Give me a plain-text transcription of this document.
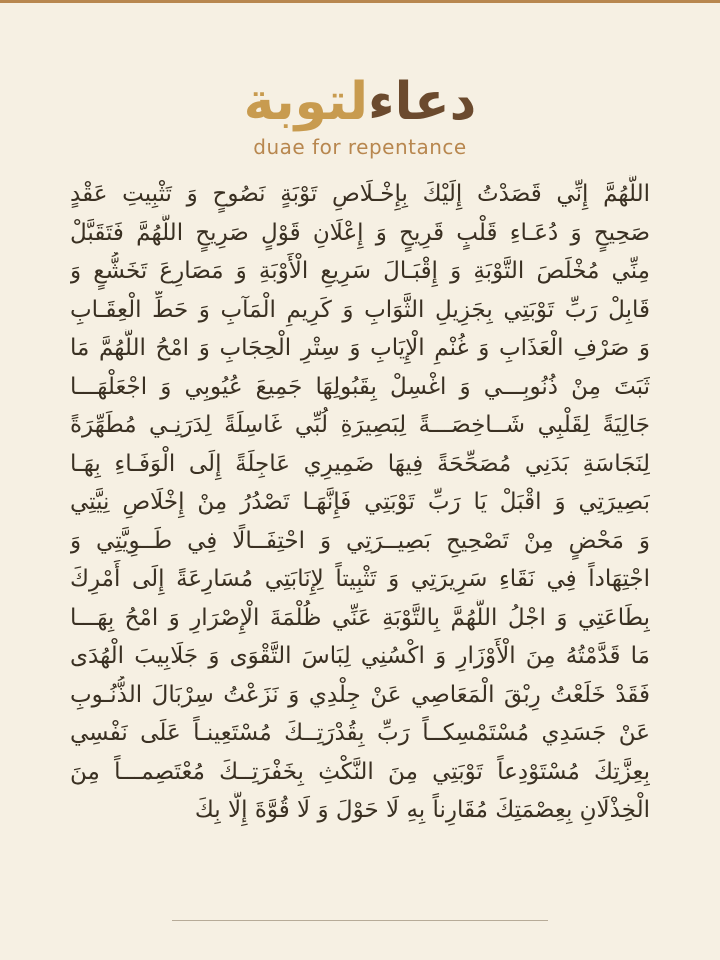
دعاءلتوبة
duae for repentance
اللَّهُمَّ إِنِّي قَصَدْتُ إِلَيْكَ بِإِخْـلَاصِ تَوْبَةٍ نَصُوحٍ وَ تَثْبِيتِ عَقْدٍ
صَحِيحٍ وَ دُعَـاءِ قَلْبٍ قَرِيحٍ وَ إِعْلَانِ قَوْلٍ صَرِيحٍ اللَّهُمَّ فَتَقَبَّلْ
مِنِّي مُخْلَصَ التَّوْبَةِ وَ إِقْبَـالَ سَرِيعِ الْأَوْبَةِ وَ مَصَارِعَ تَخَشُّعٍ وَ
قَابِلْ رَبِّ تَوْبَتِي بِجَزِيلِ الثَّوَابِ وَ كَرِيمِ الْمَآبِ وَ حَطِّ الْعِقَـابِ
وَ صَرْفِ الْعَذَابِ وَ غُنْمِ الْإِيَابِ وَ سِتْرِ الْحِجَابِ وَ امْحُ اللَّهُمَّ مَا
ثَبَتَ مِنْ ذُنُوبِـــي وَ اغْسِلْ بِقَبُولِهَا جَمِيعَ عُيُوبِي وَ اجْعَلْهَـــا
جَالِيَةً لِقَلْبِي شَــاخِصَـــةً لِبَصِيرَةِ لُبِّي غَاسِلَةً لِدَرَنِـي مُطَهِّرَةً
لِنَجَاسَةِ بَدَنِي مُصَحِّحَةً فِيهَا ضَمِيرِي عَاجِلَةً إِلَى الْوَفَـاءِ بِهَـا
بَصِيرَتِي وَ اقْبَلْ يَا رَبِّ تَوْبَتِي فَإِنَّهَـا تَصْدُرُ مِنْ إِخْلَاصِ نِيَّتِي
وَ مَحْضٍ مِنْ تَصْحِيحِ بَصِيــرَتِي وَ احْتِفَــالًا فِي طَــوِيَّتِي وَ
اجْتِهَاداً فِي نَقَاءِ سَرِيرَتِي وَ تَثْبِيتاً لِإِنَابَتِي مُسَارِعَةً إِلَى أَمْرِكَ
بِطَاعَتِي وَ اجْلُ اللَّهُمَّ بِالتَّوْبَةِ عَنِّي ظُلْمَةَ الْإِصْرَارِ وَ امْحُ بِهَـــا
مَا قَدَّمْتُهُ مِنَ الْأَوْزَارِ وَ اكْسُنِي لِبَاسَ التَّقْوَى وَ جَلَابِيبَ الْهُدَى
فَقَدْ خَلَعْتُ رِبْقَ الْمَعَاصِي عَنْ جِلْدِي وَ نَزَعْتُ سِرْبَالَ الذُّنُـوبِ
عَنْ جَسَدِي مُسْتَمْسِكــاً رَبِّ بِقُدْرَتِــكَ مُسْتَعِينـاً عَلَى نَفْسِي
بِعِزَّتِكَ مُسْتَوْدِعاً تَوْبَتِي مِنَ النَّكْثِ بِخَفْرَتِــكَ مُعْتَصِمـــاً مِنَ
الْخِذْلَانِ بِعِصْمَتِكَ مُقَارِناً بِهِ لَا حَوْلَ وَ لَا قُوَّةَ إِلَّا بِكَ
